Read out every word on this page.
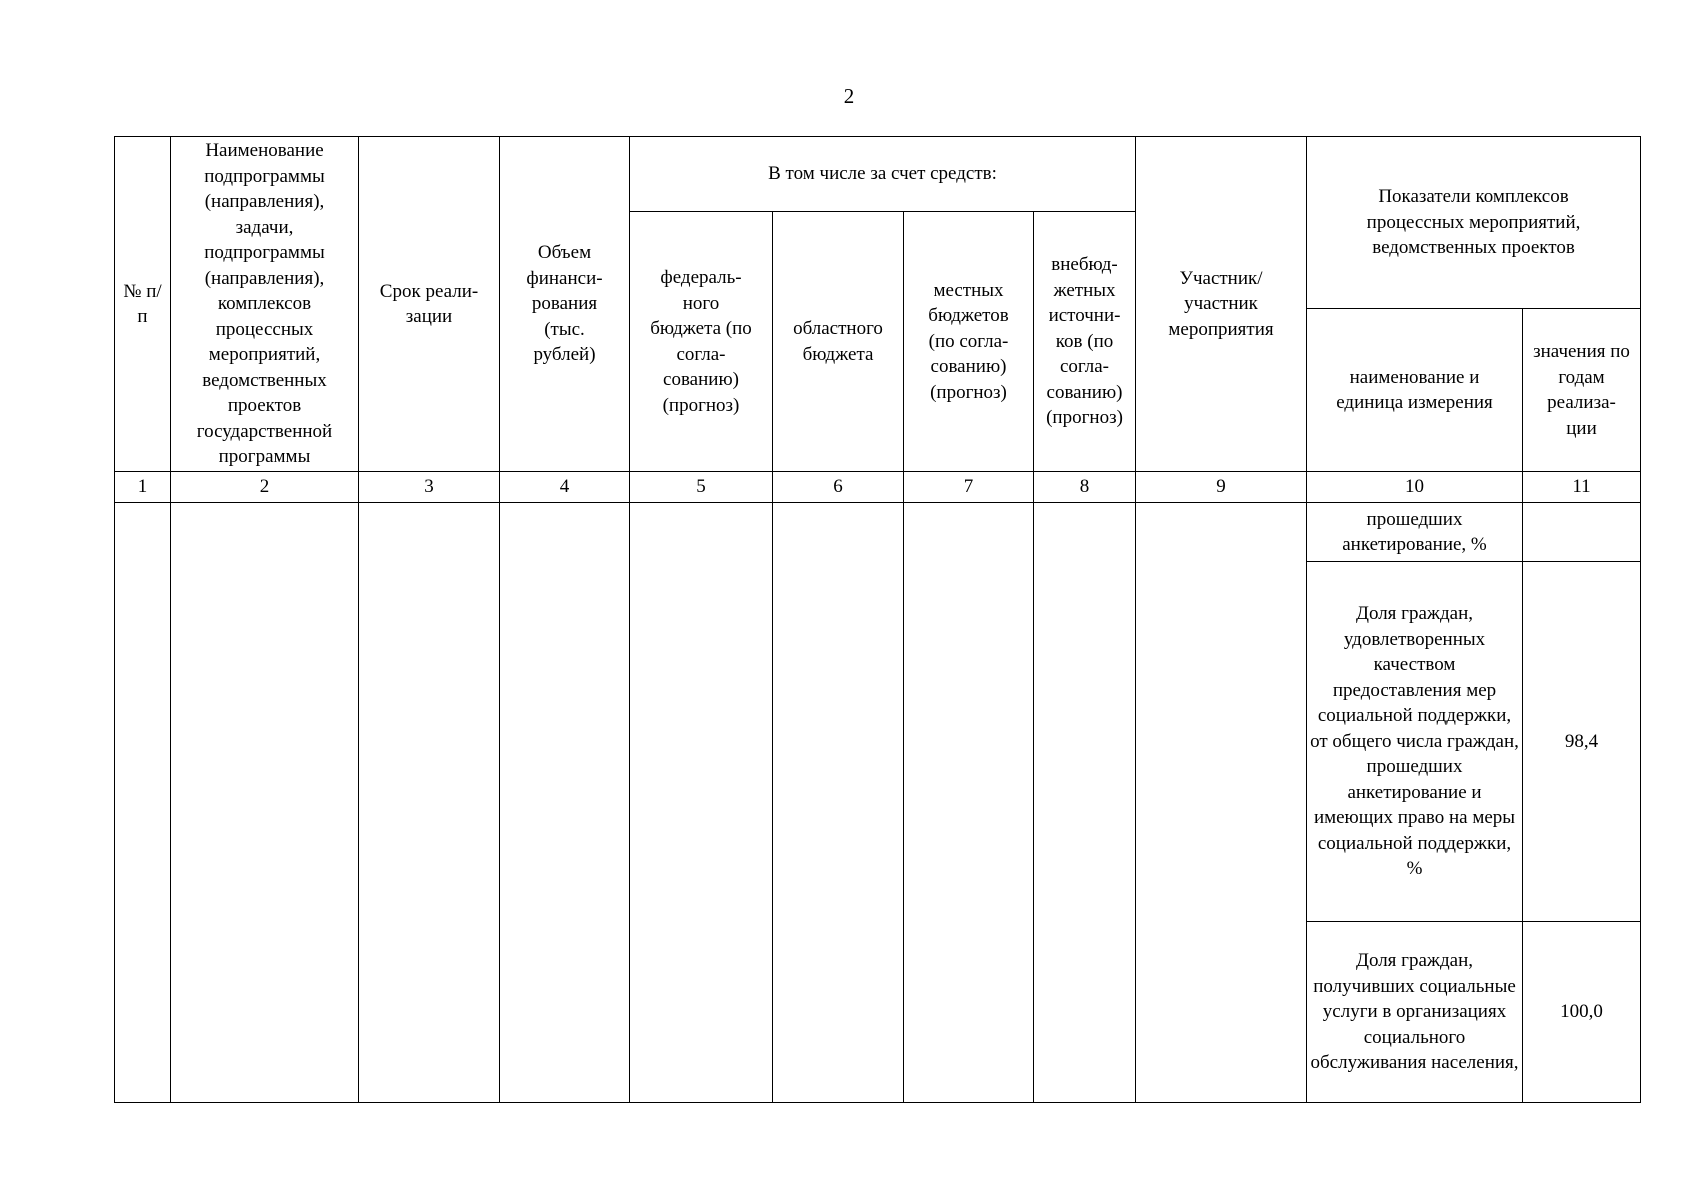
2
№ п/п	Наименование подпрограммы (направления), задачи, подпрограммы (направления), комплексов процессных мероприятий, ведомственных проектов государственной программы	Срок реали- зации	Объем финанси- рования (тыс. рублей)	В том числе за счет средств:				Участник/ участник мероприятия	Показатели комплексов процессных мероприятий, ведомственных проектов	
				федераль- ного бюджета (по согла- сованию) (прогноз)	областного бюджета	местных бюджетов (по согла- сованию) (прогноз)	внебюд- жетных источни- ков (по согла- сованию) (прогноз)			
									наименование и единица измерения	значения по годам реализа- ции
1	2	3	4	5	6	7	8	9	10	11
									прошедших анкетирование, %	
									Доля граждан, удовлетворенных качеством предоставления мер социальной поддержки, от общего числа граждан, прошедших анкетирование и имеющих право на меры социальной поддержки, %	98,4
									Доля граждан, получивших социальные услуги в организациях социального обслуживания населения,	100,0
